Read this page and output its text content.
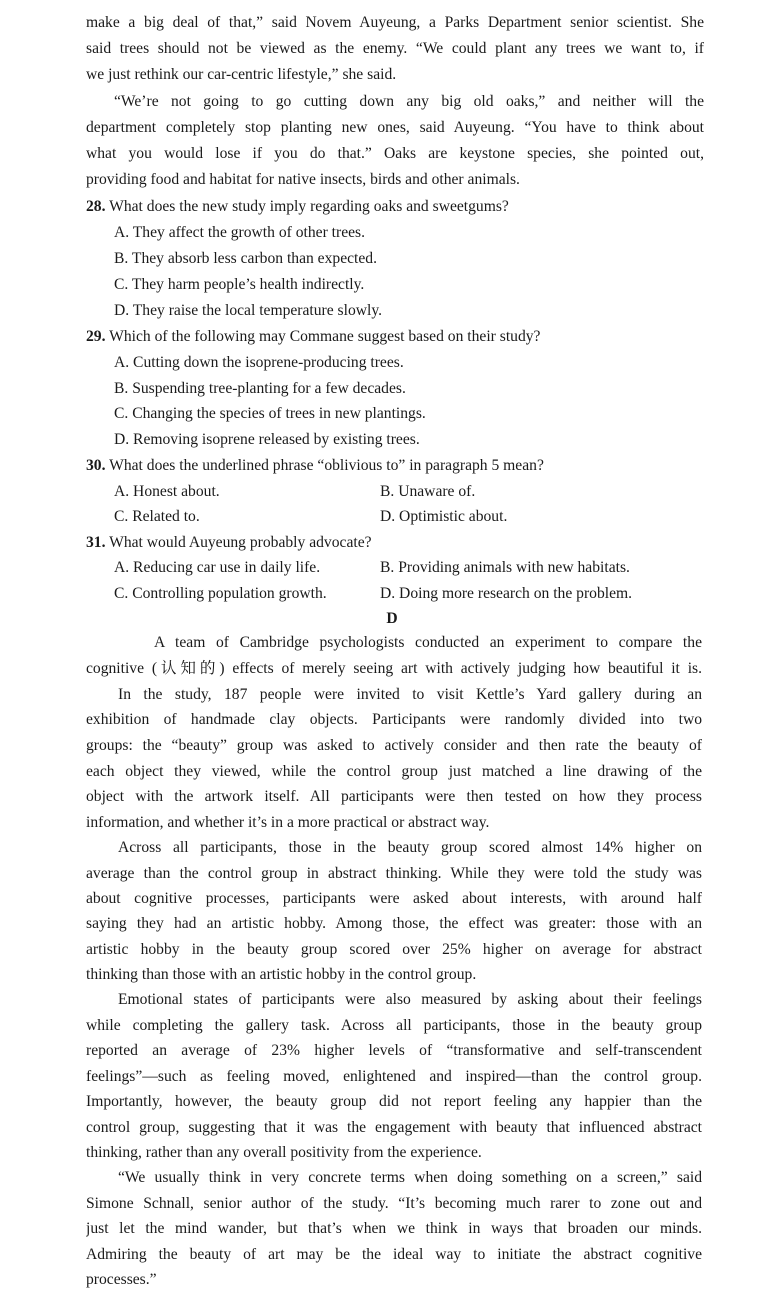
make a big deal of that,” said Novem Auyeung, a Parks Department senior scientist. She
said trees should not be viewed as the enemy. “We could plant any trees we want to, if
we just rethink our car-centric lifestyle,” she said.
“We’re not going to go cutting down any big old oaks,” and neither will the
department completely stop planting new ones, said Auyeung. “You have to think about
what you would lose if you do that.” Oaks are keystone species, she pointed out,
providing food and habitat for native insects, birds and other animals.
28. What does the new study imply regarding oaks and sweetgums?
A. They affect the growth of other trees.
B. They absorb less carbon than expected.
C. They harm people’s health indirectly.
D. They raise the local temperature slowly.
29. Which of the following may Commane suggest based on their study?
A. Cutting down the isoprene-producing trees.
B. Suspending tree-planting for a few decades.
C. Changing the species of trees in new plantings.
D. Removing isoprene released by existing trees.
30. What does the underlined phrase “oblivious to” in paragraph 5 mean?
A. Honest about.	B. Unaware of.
C. Related to.	D. Optimistic about.
31. What would Auyeung probably advocate?
A. Reducing car use in daily life.	B. Providing animals with new habitats.
C. Controlling population growth.	D. Doing more research on the problem.
D
A team of Cambridge psychologists conducted an experiment to compare the
cognitive (认知的) effects of merely seeing art with actively judging how beautiful it is.
In the study, 187 people were invited to visit Kettle’s Yard gallery during an
exhibition of handmade clay objects. Participants were randomly divided into two
groups: the “beauty” group was asked to actively consider and then rate the beauty of
each object they viewed, while the control group just matched a line drawing of the
object with the artwork itself. All participants were then tested on how they process
information, and whether it’s in a more practical or abstract way.
Across all participants, those in the beauty group scored almost 14% higher on
average than the control group in abstract thinking. While they were told the study was
about cognitive processes, participants were asked about interests, with around half
saying they had an artistic hobby. Among those, the effect was greater: those with an
artistic hobby in the beauty group scored over 25% higher on average for abstract
thinking than those with an artistic hobby in the control group.
Emotional states of participants were also measured by asking about their feelings
while completing the gallery task. Across all participants, those in the beauty group
reported an average of 23% higher levels of “transformative and self-transcendent
feelings”—such as feeling moved, enlightened and inspired—than the control group.
Importantly, however, the beauty group did not report feeling any happier than the
control group, suggesting that it was the engagement with beauty that influenced abstract
thinking, rather than any overall positivity from the experience.
“We usually think in very concrete terms when doing something on a screen,” said
Simone Schnall, senior author of the study. “It’s becoming much rarer to zone out and
just let the mind wander, but that’s when we think in ways that broaden our minds.
Admiring the beauty of art may be the ideal way to initiate the abstract cognitive
processes.”
